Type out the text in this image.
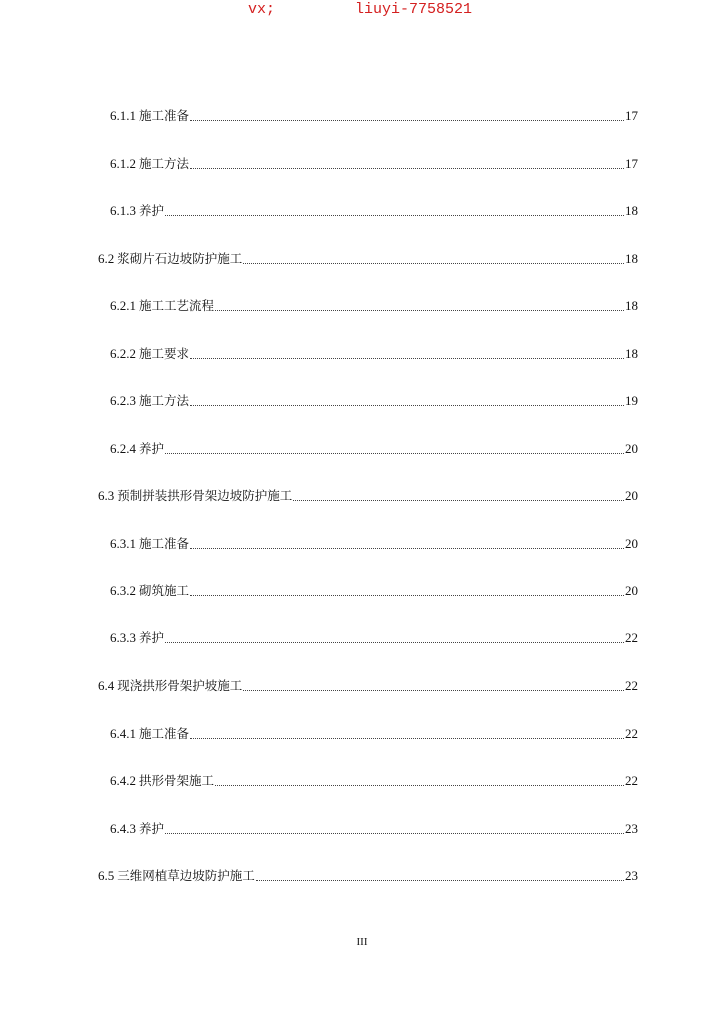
vx;

	liuyi-7758521

6.1.1 施工准备	17
6.1.2 施工方法	17
6.1.3 养护	18
6.2 浆砌片石边坡防护施工	18
6.2.1 施工工艺流程	18
6.2.2 施工要求	18
6.2.3 施工方法	19
6.2.4 养护	20
6.3 预制拼装拱形骨架边坡防护施工	20
6.3.1 施工准备	20
6.3.2 砌筑施工	20
6.3.3 养护	22
6.4 现浇拱形骨架护坡施工	22
6.4.1 施工准备	22
6.4.2 拱形骨架施工	22
6.4.3 养护	23
6.5 三维网植草边坡防护施工	23
III
